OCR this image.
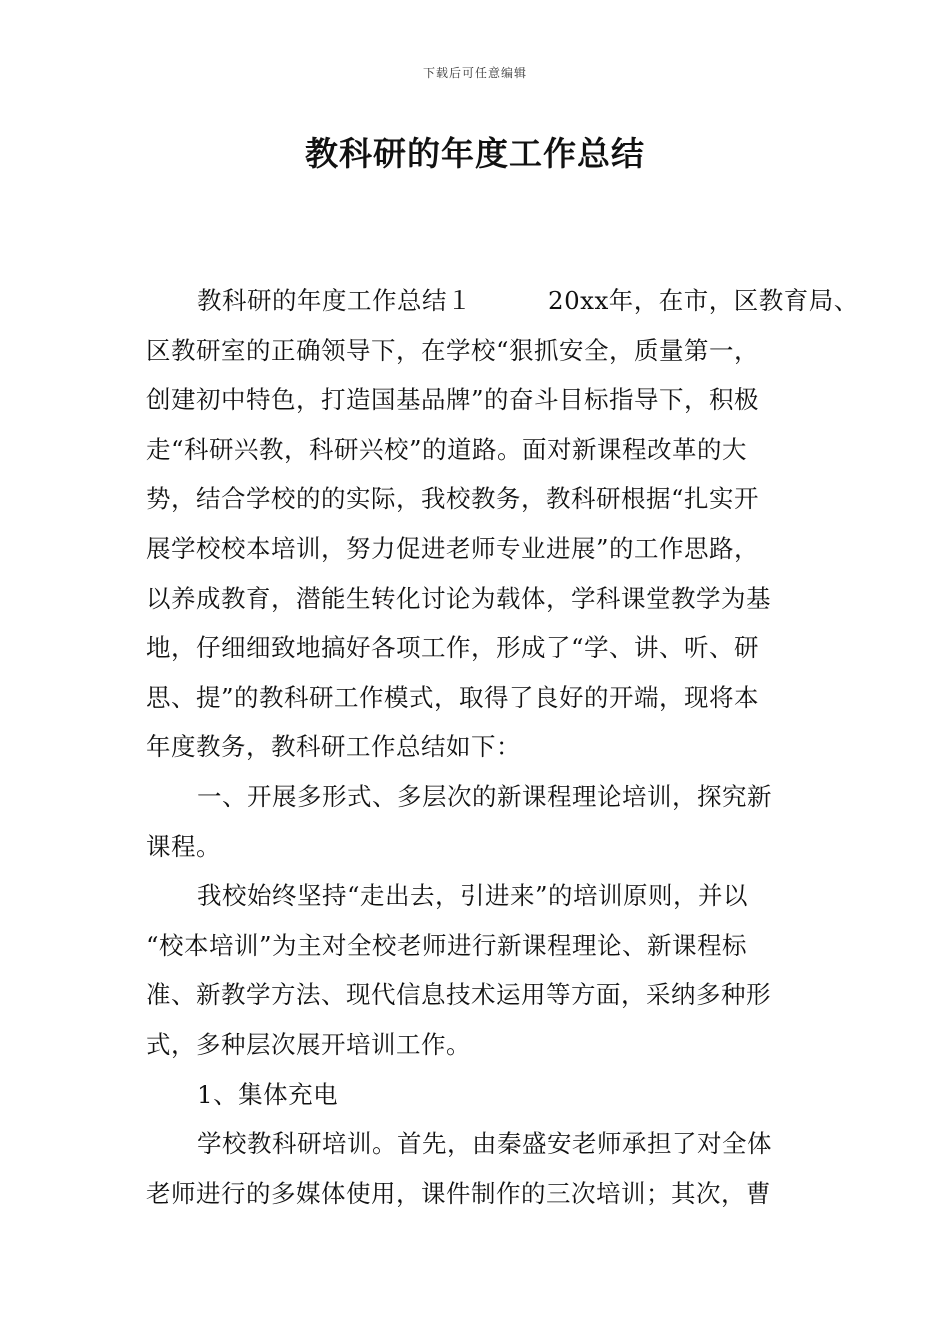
下载后可任意编辑
教科研的年度工作总结
教科研的年度工作总结１	20xx年，在市，区教育局、
区教研室的正确领导下，在学校“狠抓安全，质量第一，
创建初中特色，打造国基品牌”的奋斗目标指导下，积极
走“科研兴教，科研兴校”的道路。面对新课程改革的大
势，结合学校的的实际，我校教务，教科研根据“扎实开
展学校校本培训，努力促进老师专业进展”的工作思路，
以养成教育，潜能生转化讨论为载体，学科课堂教学为基
地，仔细细致地搞好各项工作，形成了“学、讲、听、研
思、提”的教科研工作模式，取得了良好的开端，现将本
年度教务，教科研工作总结如下：
一、开展多形式、多层次的新课程理论培训，探究新
课程。
我校始终坚持“走出去，引进来”的培训原则，并以
“校本培训”为主对全校老师进行新课程理论、新课程标
准、新教学方法、现代信息技术运用等方面，采纳多种形
式，多种层次展开培训工作。
1、集体充电
学校教科研培训。首先，由秦盛安老师承担了对全体
老师进行的多媒体使用，课件制作的三次培训；其次，曹
